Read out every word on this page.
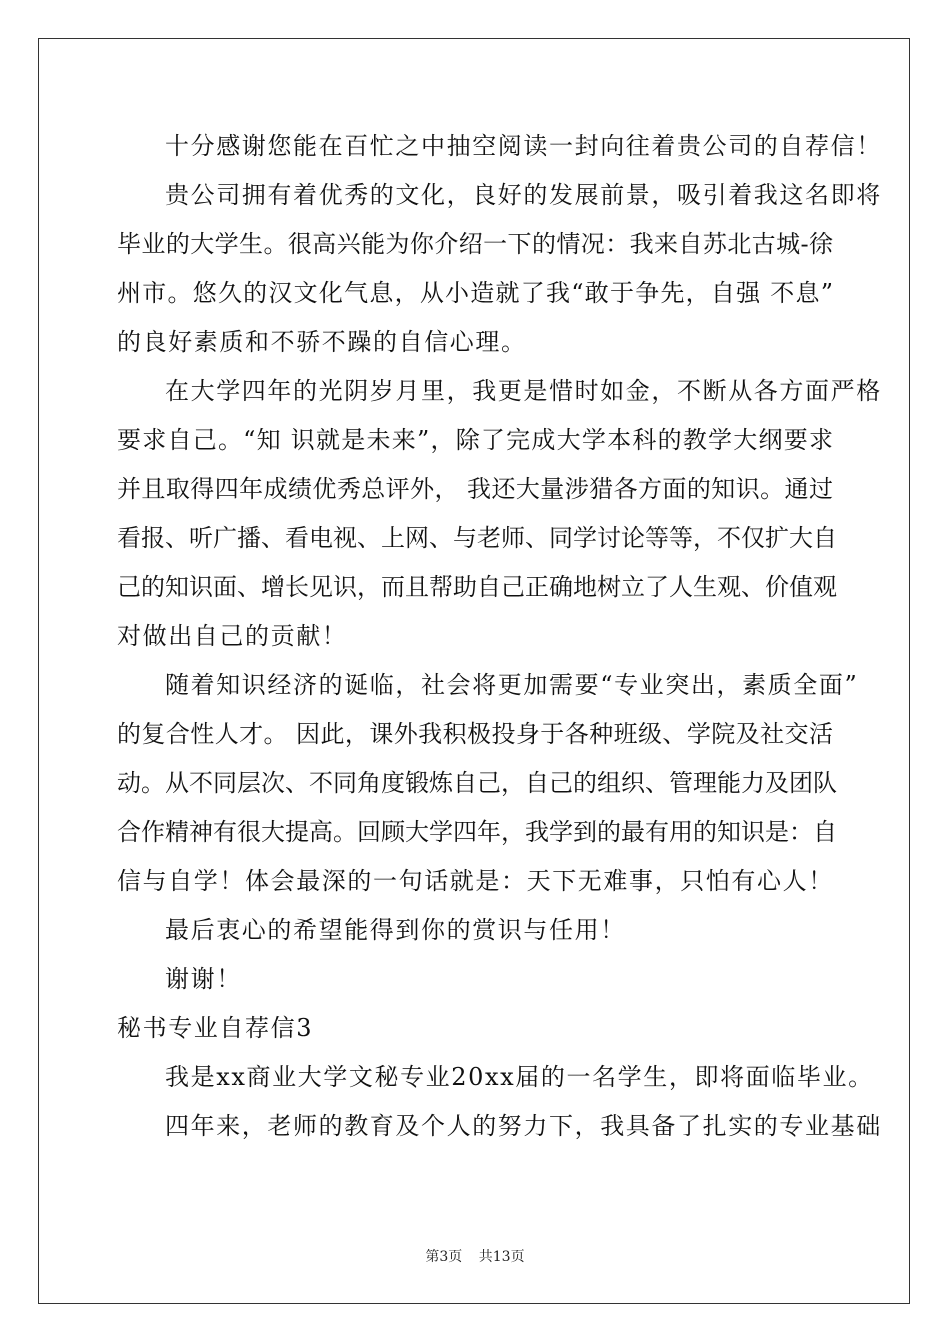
十分感谢您能在百忙之中抽空阅读一封向往着贵公司的自荐信！
贵公司拥有着优秀的文化，良好的发展前景，吸引着我这名即将
毕业的大学生。很高兴能为你介绍一下的情况：我来自苏北古城-徐
州市。悠久的汉文化气息，从小造就了我“敢于争先，自强 不息”
的良好素质和不骄不躁的自信心理。
在大学四年的光阴岁月里，我更是惜时如金，不断从各方面严格
要求自己。“知 识就是未来”，除了完成大学本科的教学大纲要求
并且取得四年成绩优秀总评外， 我还大量涉猎各方面的知识。通过
看报、听广播、看电视、上网、与老师、同学讨论等等，不仅扩大自
己的知识面、增长见识，而且帮助自己正确地树立了人生观、价值观
对做出自己的贡献！
随着知识经济的诞临，社会将更加需要“专业突出，素质全面”
的复合性人才。 因此，课外我积极投身于各种班级、学院及社交活
动。从不同层次、不同角度锻炼自己，自己的组织、管理能力及团队
合作精神有很大提高。回顾大学四年，我学到的最有用的知识是：自
信与自学！体会最深的一句话就是：天下无难事，只怕有心人！
最后衷心的希望能得到你的赏识与任用！
谢谢！
秘书专业自荐信3
我是xx商业大学文秘专业20xx届的一名学生，即将面临毕业。
四年来，老师的教育及个人的努力下，我具备了扎实的专业基础
第3页 共13页
